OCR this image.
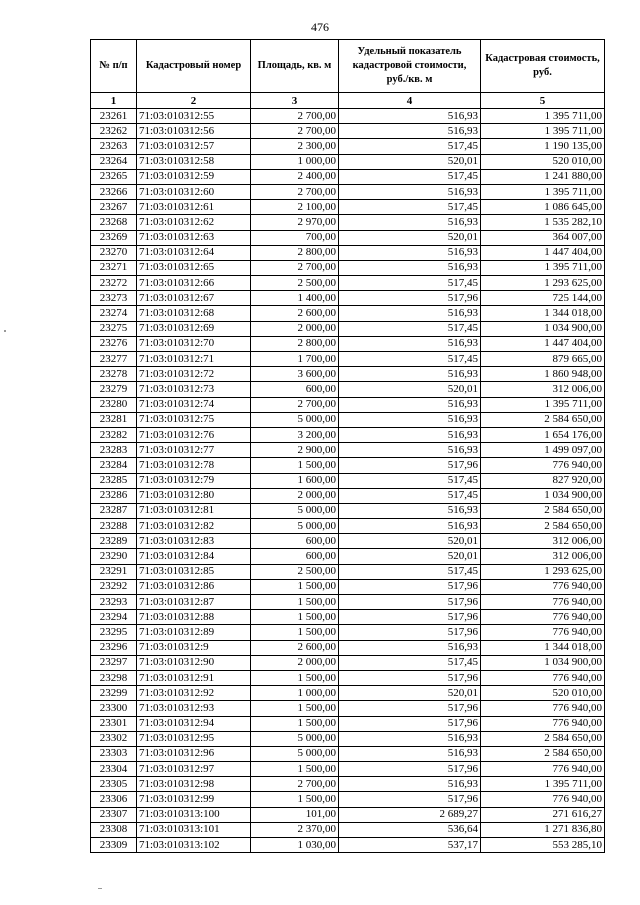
476
№ п/п	Кадастровый номер	Площадь, кв. м	Удельный показатель кадастровой стоимости, руб./кв. м	Кадастровая стоимость, руб.
1	2	3	4	5
23261	71:03:010312:55	2 700,00	516,93	1 395 711,00
23262	71:03:010312:56	2 700,00	516,93	1 395 711,00
23263	71:03:010312:57	2 300,00	517,45	1 190 135,00
23264	71:03:010312:58	1 000,00	520,01	520 010,00
23265	71:03:010312:59	2 400,00	517,45	1 241 880,00
23266	71:03:010312:60	2 700,00	516,93	1 395 711,00
23267	71:03:010312:61	2 100,00	517,45	1 086 645,00
23268	71:03:010312:62	2 970,00	516,93	1 535 282,10
23269	71:03:010312:63	700,00	520,01	364 007,00
23270	71:03:010312:64	2 800,00	516,93	1 447 404,00
23271	71:03:010312:65	2 700,00	516,93	1 395 711,00
23272	71:03:010312:66	2 500,00	517,45	1 293 625,00
23273	71:03:010312:67	1 400,00	517,96	725 144,00
23274	71:03:010312:68	2 600,00	516,93	1 344 018,00
23275	71:03:010312:69	2 000,00	517,45	1 034 900,00
23276	71:03:010312:70	2 800,00	516,93	1 447 404,00
23277	71:03:010312:71	1 700,00	517,45	879 665,00
23278	71:03:010312:72	3 600,00	516,93	1 860 948,00
23279	71:03:010312:73	600,00	520,01	312 006,00
23280	71:03:010312:74	2 700,00	516,93	1 395 711,00
23281	71:03:010312:75	5 000,00	516,93	2 584 650,00
23282	71:03:010312:76	3 200,00	516,93	1 654 176,00
23283	71:03:010312:77	2 900,00	516,93	1 499 097,00
23284	71:03:010312:78	1 500,00	517,96	776 940,00
23285	71:03:010312:79	1 600,00	517,45	827 920,00
23286	71:03:010312:80	2 000,00	517,45	1 034 900,00
23287	71:03:010312:81	5 000,00	516,93	2 584 650,00
23288	71:03:010312:82	5 000,00	516,93	2 584 650,00
23289	71:03:010312:83	600,00	520,01	312 006,00
23290	71:03:010312:84	600,00	520,01	312 006,00
23291	71:03:010312:85	2 500,00	517,45	1 293 625,00
23292	71:03:010312:86	1 500,00	517,96	776 940,00
23293	71:03:010312:87	1 500,00	517,96	776 940,00
23294	71:03:010312:88	1 500,00	517,96	776 940,00
23295	71:03:010312:89	1 500,00	517,96	776 940,00
23296	71:03:010312:9	2 600,00	516,93	1 344 018,00
23297	71:03:010312:90	2 000,00	517,45	1 034 900,00
23298	71:03:010312:91	1 500,00	517,96	776 940,00
23299	71:03:010312:92	1 000,00	520,01	520 010,00
23300	71:03:010312:93	1 500,00	517,96	776 940,00
23301	71:03:010312:94	1 500,00	517,96	776 940,00
23302	71:03:010312:95	5 000,00	516,93	2 584 650,00
23303	71:03:010312:96	5 000,00	516,93	2 584 650,00
23304	71:03:010312:97	1 500,00	517,96	776 940,00
23305	71:03:010312:98	2 700,00	516,93	1 395 711,00
23306	71:03:010312:99	1 500,00	517,96	776 940,00
23307	71:03:010313:100	101,00	2 689,27	271 616,27
23308	71:03:010313:101	2 370,00	536,64	1 271 836,80
23309	71:03:010313:102	1 030,00	537,17	553 285,10
